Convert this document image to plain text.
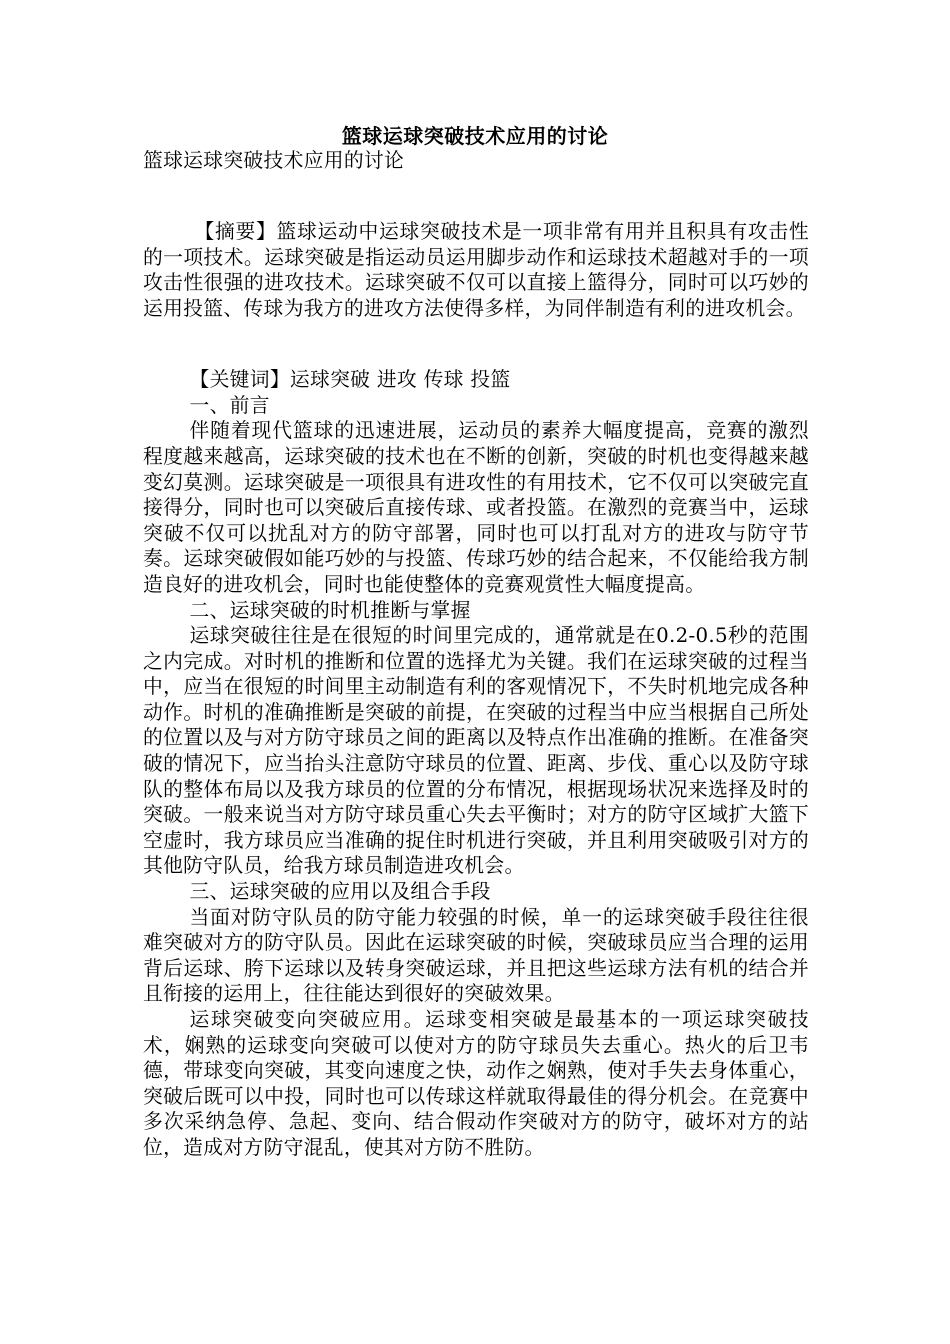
篮球运球突破技术应用的讨论

篮球运球突破技术应用的讨论

【摘要】篮球运动中运球突破技术是一项非常有用并且积具有攻击性的一项技术。运球突破是指运动员运用脚步动作和运球技术超越对手的一项攻击性很强的进攻技术。运球突破不仅可以直接上篮得分，同时可以巧妙的运用投篮、传球为我方的进攻方法使得多样，为同伴制造有利的进攻机会。

【关键词】运球突破 进攻 传球 投篮

一、前言

伴随着现代篮球的迅速进展，运动员的素养大幅度提高，竞赛的激烈程度越来越高，运球突破的技术也在不断的创新，突破的时机也变得越来越变幻莫测。运球突破是一项很具有进攻性的有用技术，它不仅可以突破完直接得分，同时也可以突破后直接传球、或者投篮。在激烈的竞赛当中，运球突破不仅可以扰乱对方的防守部署，同时也可以打乱对方的进攻与防守节奏。运球突破假如能巧妙的与投篮、传球巧妙的结合起来，不仅能给我方制造良好的进攻机会，同时也能使整体的竞赛观赏性大幅度提高。

二、运球突破的时机推断与掌握

运球突破往往是在很短的时间里完成的，通常就是在0.2-0.5秒的范围之内完成。对时机的推断和位置的选择尤为关键。我们在运球突破的过程当中，应当在很短的时间里主动制造有利的客观情况下，不失时机地完成各种动作。时机的准确推断是突破的前提，在突破的过程当中应当根据自己所处的位置以及与对方防守球员之间的距离以及特点作出准确的推断。在准备突破的情况下，应当抬头注意防守球员的位置、距离、步伐、重心以及防守球队的整体布局以及我方球员的位置的分布情况，根据现场状况来选择及时的突破。一般来说当对方防守球员重心失去平衡时；对方的防守区域扩大篮下空虚时，我方球员应当准确的捉住时机进行突破，并且利用突破吸引对方的其他防守队员，给我方球员制造进攻机会。

三、运球突破的应用以及组合手段

当面对防守队员的防守能力较强的时候，单一的运球突破手段往往很难突破对方的防守队员。因此在运球突破的时候，突破球员应当合理的运用背后运球、胯下运球以及转身突破运球，并且把这些运球方法有机的结合并且衔接的运用上，往往能达到很好的突破效果。

运球突破变向突破应用。运球变相突破是最基本的一项运球突破技术，娴熟的运球变向突破可以使对方的防守球员失去重心。热火的后卫韦德，带球变向突破，其变向速度之快，动作之娴熟，使对手失去身体重心，突破后既可以中投，同时也可以传球这样就取得最佳的得分机会。在竞赛中多次采纳急停、急起、变向、结合假动作突破对方的防守，破坏对方的站位，造成对方防守混乱，使其对方防不胜防。
